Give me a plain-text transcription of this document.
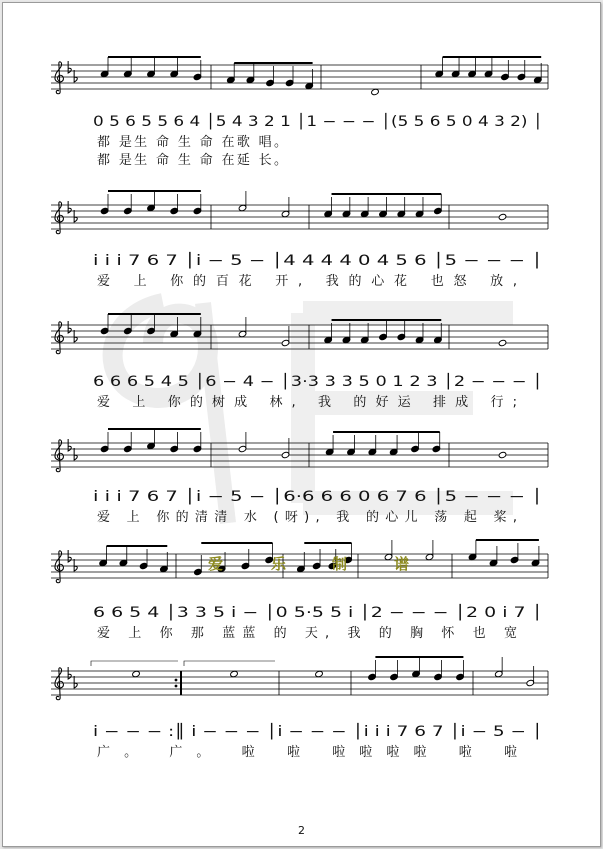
0 5 6 5 5 6 4 │5 4 3 2 1 │1 − − − │(5 5 6 5 0 4 3 2) │
都 是生 命 生 命 在歌 唱。
都 是生 命 生 命 在延 长。
i i i 7 6 7 │i − 5 − │4 4 4 4 0 4 5 6 │5 − − − │
爱 上 你的百花 开, 我的心花 也怒 放,
6 6 6 5 4 5 │6 − 4 − │3·3 3 3 5 0 1 2 3 │2 − − − │
爱 上 你的树成 林, 我 的好运 排成 行;
i i i 7 6 7 │i − 5 − │6·6 6 6 0 6 7 6 │5 − − − │
爱 上 你的清清 水 (呀), 我 的心儿 荡 起 桨,
6 6 5 4 │3 3 5 i − │0 5·5 5 i │2 − − − │2 0 i 7 │
爱 上 你 那 蓝蓝 的 天, 我 的 胸 怀 也 宽
i − − − :║ i − − − │i − − − │i i i 7 6 7 │i − 5 − │
广。 广。 啦 啦 啦啦啦啦 啦 啦
爱	乐	制	谱
2
